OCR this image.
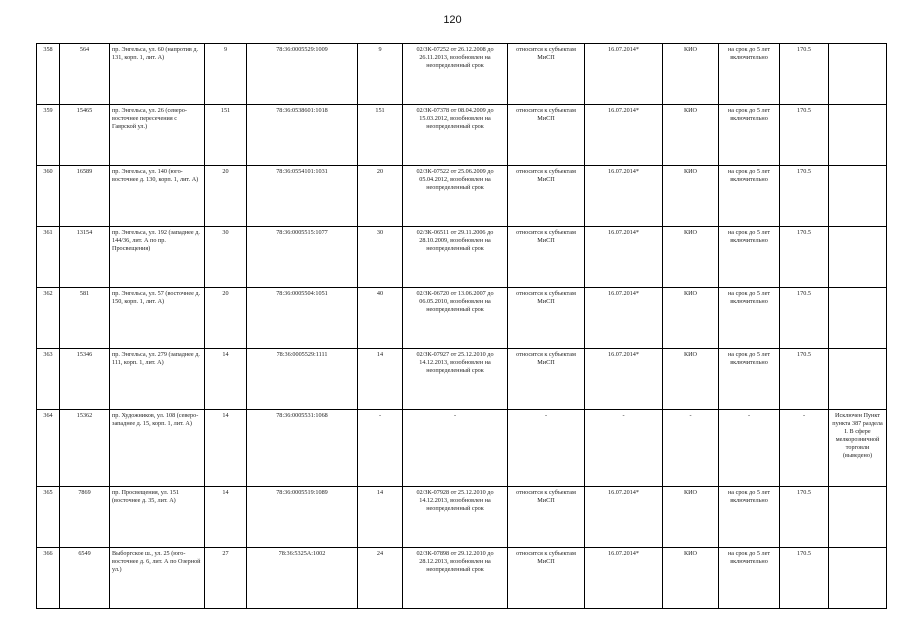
120
358	564	пр. Энгельса, ул. 60 (напротив д. 131, корп. 1, лит. А)	9	78:36:0005529:1009	9	02/ЗК-07252 от 26.12.2008 до 26.11.2013, возобновлен на неопределенный срок	относится к субъектам МиСП	16.07.2014*	КИО	на срок до 5 лет включительно	170.5	
359	15465	пр. Энгельса, ул. 26 (северо-восточнее пересечения с Гаврской ул.)	151	78:36:0538601:1018	151	02/ЗК-07378 от 08.04.2009 до 15.03.2012, возобновлен на неопределенный срок	относится к субъектам МиСП	16.07.2014*	КИО	на срок до 5 лет включительно	170.5	
360	16589	пр. Энгельса, ул. 140 (юго-восточнее д. 130, корп. 1, лит. А)	20	78:36:0554101:1031	20	02/ЗК-07522 от 25.06.2009 до 05.04.2012, возобновлен на неопределенный срок	относится к субъектам МиСП	16.07.2014*	КИО	на срок до 5 лет включительно	170.5	
361	13154	пр. Энгельса, ул. 192 (западнее д. 144/36, лит. А по пр. Просвещения)	30	78:36:0005515:1077	30	02/ЗК-06511 от 29.11.2006 до 28.10.2009, возобновлен на неопределенный срок	относится к субъектам МиСП	16.07.2014*	КИО	на срок до 5 лет включительно	170.5	
362	581	пр. Энгельса, ул. 57 (восточнее д. 150, корп. 1, лит. А)	20	78:36:0005504:1051	40	02/ЗК-06720 от 13.06.2007 до 06.05.2010, возобновлен на неопределенный срок	относится к субъектам МиСП	16.07.2014*	КИО	на срок до 5 лет включительно	170.5	
363	15346	пр. Энгельса, ул. 279 (западнее д. 111, корп. 1, лит. А)	14	78:36:0005529:1111	14	02/ЗК-07927 от 25.12.2010 до 14.12.2013, возобновлен на неопределенный срок	относится к субъектам МиСП	16.07.2014*	КИО	на срок до 5 лет включительно	170.5	
364	15362	пр. Художников, ул. 108 (северо-западнее д. 15, корп. 1, лит. А)	14	78:36:0005531:1068	-	-	-	-	-	-	-	Исключен Пункт пункта 387 раздела I. В сфере мелкорозничной торговли (выведено)
365	7869	пр. Просвещения, ул. 151 (восточнее д. 35, лит. А)	14	78:36:0005519:1089	14	02/ЗК-07928 от 25.12.2010 до 14.12.2013, возобновлен на неопределенный срок	относится к субъектам МиСП	16.07.2014*	КИО	на срок до 5 лет включительно	170.5	
366	6549	Выборгское ш., ул. 25 (юго-восточнее д. 6, лит. А по Озерной ул.)	27	78:36:5325А:1002	24	02/ЗК-07898 от 29.12.2010 до 28.12.2013, возобновлен на неопределенный срок	относится к субъектам МиСП	16.07.2014*	КИО	на срок до 5 лет включительно	170.5	
